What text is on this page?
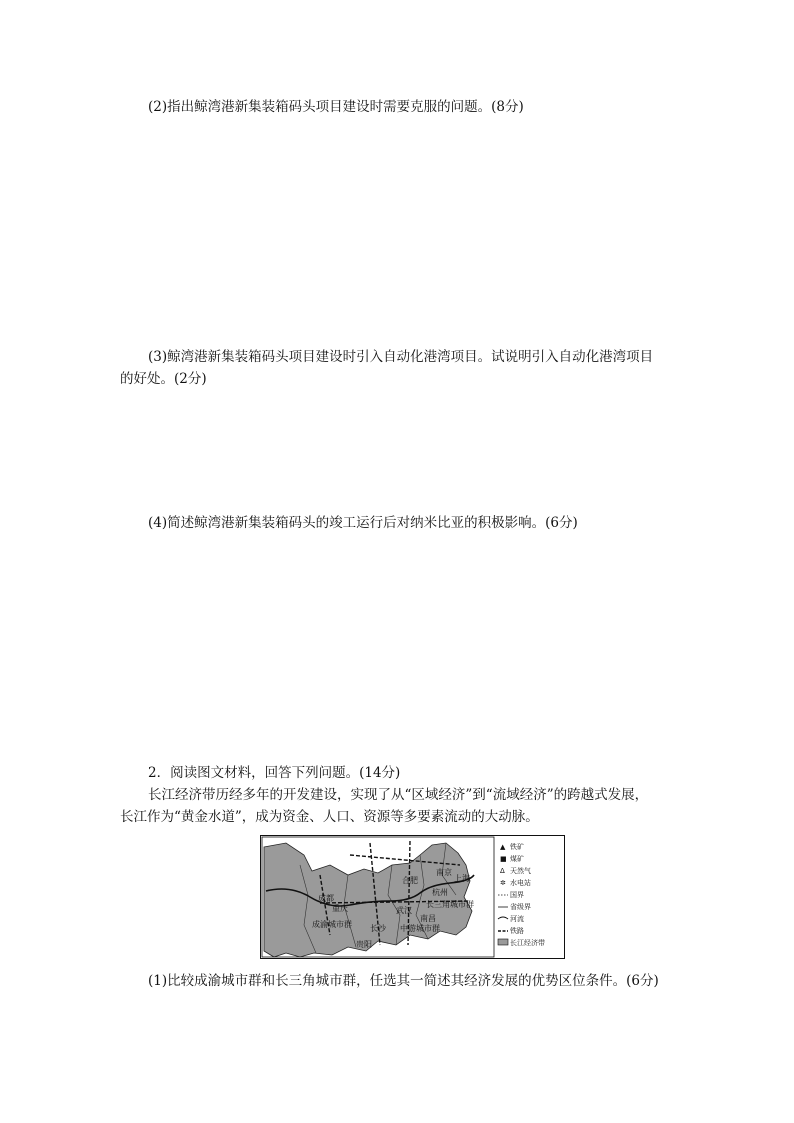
(2)指出鲸湾港新集装箱码头项目建设时需要克服的问题。(8分)

(3)鲸湾港新集装箱码头项目建设时引入自动化港湾项目。试说明引入自动化港湾项目

的好处。(2分)

(4)简述鲸湾港新集装箱码头的竣工运行后对纳米比亚的积极影响。(6分)

2．阅读图文材料，回答下列问题。(14分)

长江经济带历经多年的开发建设，实现了从“区域经济”到“流域经济”的跨越式发展，

长江作为“黄金水道”，成为资金、人口、资源等多要素流动的大动脉。

成都
重庆
成渝城市群
贵阳
长沙
武汉
南昌
中游城市群
合肥
南京
上海
杭州
长三角城市群
▲ 铁矿
■ 煤矿
Δ 天然气
✲ 水电站
国界
省级界
河流
铁路
长江经济带

(1)比较成渝城市群和长三角城市群，任选其一简述其经济发展的优势区位条件。(6分)
